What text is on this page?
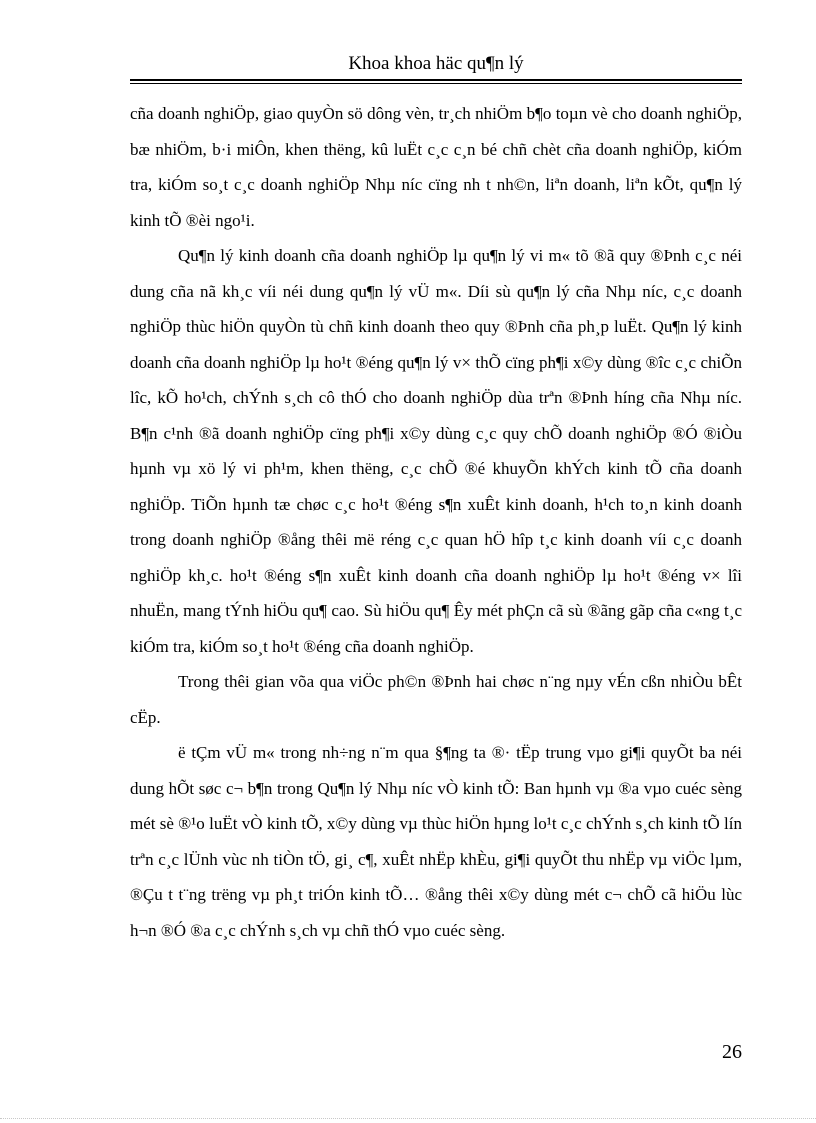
Khoa khoa häc qu¶n lý

cña doanh nghiÖp, giao quyÒn sö dông vèn, tr¸ch nhiÖm b¶o toµn vè cho doanh nghiÖp, bæ nhiÖm, b·i miÔn, khen thëng, kû luËt c¸c c¸n bé chñ chèt cña doanh nghiÖp, kiÓm tra, kiÓm so¸t c¸c doanh nghiÖp Nhµ níc cïng nh t nh©n, liªn doanh, liªn kÕt, qu¶n lý kinh tÕ ®èi ngo¹i.

Qu¶n lý kinh doanh cña doanh nghiÖp lµ qu¶n lý vi m« tõ ®ã quy ®Þnh c¸c néi dung cña nã kh¸c víi néi dung qu¶n lý vÜ m«. Díi sù qu¶n lý cña Nhµ níc, c¸c doanh nghiÖp thùc hiÖn quyÒn tù chñ kinh doanh theo quy ®Þnh cña ph¸p luËt. Qu¶n lý kinh doanh cña doanh nghiÖp lµ ho¹t ®éng qu¶n lý v× thÕ cïng ph¶i x©y dùng ®îc c¸c chiÕn lîc, kÕ ho¹ch, chÝnh s¸ch cô thÓ cho doanh nghiÖp dùa trªn ®Þnh híng cña Nhµ níc. B¶n c¹nh ®ã doanh nghiÖp cïng ph¶i x©y dùng c¸c quy chÕ doanh nghiÖp ®Ó ®iÒu hµnh vµ xö lý vi ph¹m, khen thëng, c¸c chÕ ®é khuyÕn khÝch kinh tÕ cña doanh nghiÖp. TiÕn hµnh tæ chøc c¸c ho¹t ®éng s¶n xuÊt kinh doanh, h¹ch to¸n kinh doanh trong doanh nghiÖp ®ång thêi më réng c¸c quan hÖ hîp t¸c kinh doanh víi c¸c doanh nghiÖp kh¸c. ho¹t ®éng s¶n xuÊt kinh doanh cña doanh nghiÖp lµ ho¹t ®éng v× lîi nhuËn, mang tÝnh hiÖu qu¶ cao. Sù hiÖu qu¶ Êy mét phÇn cã sù ®ãng gãp cña c«ng t¸c kiÓm tra, kiÓm so¸t ho¹t ®éng cña doanh nghiÖp.

Trong thêi gian võa qua viÖc ph©n ®Þnh hai chøc n¨ng nµy vÉn cßn nhiÒu bÊt cËp.

ë tÇm vÜ m« trong nh÷ng n¨m qua §¶ng ta ®· tËp trung vµo gi¶i quyÕt ba néi dung hÕt søc c¬ b¶n trong Qu¶n lý Nhµ níc vÒ kinh tÕ: Ban hµnh vµ ®a vµo cuéc sèng mét sè ®¹o luËt vÒ kinh tÕ, x©y dùng vµ thùc hiÖn hµng lo¹t c¸c chÝnh s¸ch kinh tÕ lín trªn c¸c lÜnh vùc nh tiÒn tÖ, gi¸ c¶, xuÊt nhËp khÈu, gi¶i quyÕt thu nhËp vµ viÖc lµm, ®Çu t t¨ng trëng vµ ph¸t triÓn kinh tÕ… ®ång thêi x©y dùng mét c¬ chÕ cã hiÖu lùc h¬n ®Ó ®a c¸c chÝnh s¸ch vµ chñ thÓ vµo cuéc sèng.

26
